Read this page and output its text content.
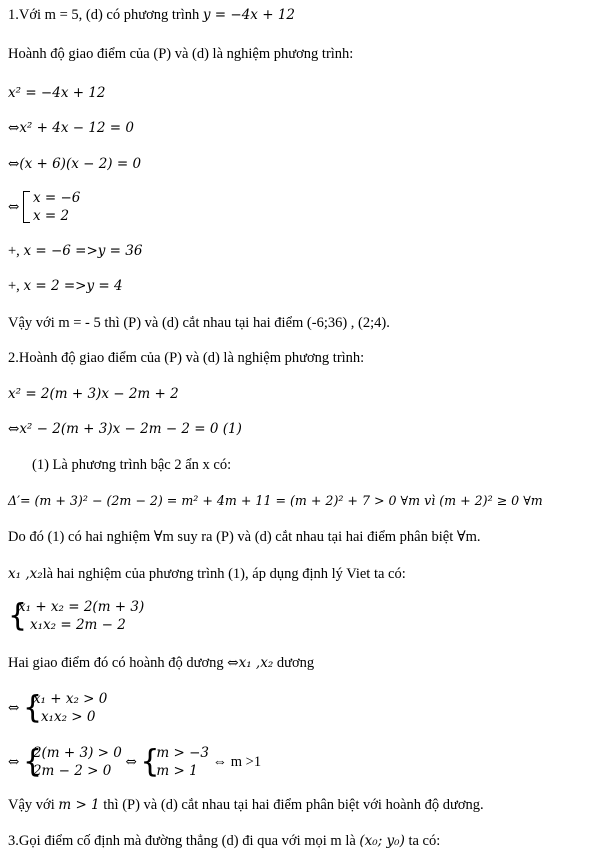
1.Với m = 5, (d) có phương trình y = −4x + 12
Hoành độ giao điểm của (P) và (d) là nghiệm phương trình:
x² = −4x + 12
⇔x² + 4x − 12 = 0
⇔(x + 6)(x − 2) = 0
⇔
x = −6
x = 2
+, x = −6 =>y = 36
+, x = 2 =>y = 4
Vậy với m = - 5 thì (P) và (d) cắt nhau tại hai điểm (-6;36) , (2;4).
2.Hoành độ giao điểm của (P) và (d) là nghiệm phương trình:
x² = 2(m + 3)x − 2m + 2
⇔x² − 2(m + 3)x − 2m − 2 = 0 (1)
(1) Là phương trình bậc 2 ẩn x có:
Δ′= (m + 3)² − (2m − 2) = m² + 4m + 11 = (m + 2)² + 7 > 0 ∀m vì (m + 2)² ≥ 0 ∀m
Do đó (1) có hai nghiệm ∀m suy ra (P) và (d) cắt nhau tại hai điểm phân biệt ∀m.
x₁ ,x₂là hai nghiệm của phương trình (1), áp dụng định lý Viet ta có:
{
x₁ + x₂ = 2(m + 3)
x₁x₂ = 2m − 2
Hai giao điểm đó có hoành độ dương ⇔x₁ ,x₂ dương
⇔ {
x₁ + x₂ > 0
x₁x₂ > 0
⇔ {
2(m + 3) > 0
2m − 2 > 0
⇔ {
m > −3
m > 1
⇔ m >1
Vậy với m > 1 thì (P) và (d) cắt nhau tại hai điểm phân biệt với hoành độ dương.
3.Gọi điểm cố định mà đường thẳng (d) đi qua với mọi m là (x₀; y₀) ta có:
